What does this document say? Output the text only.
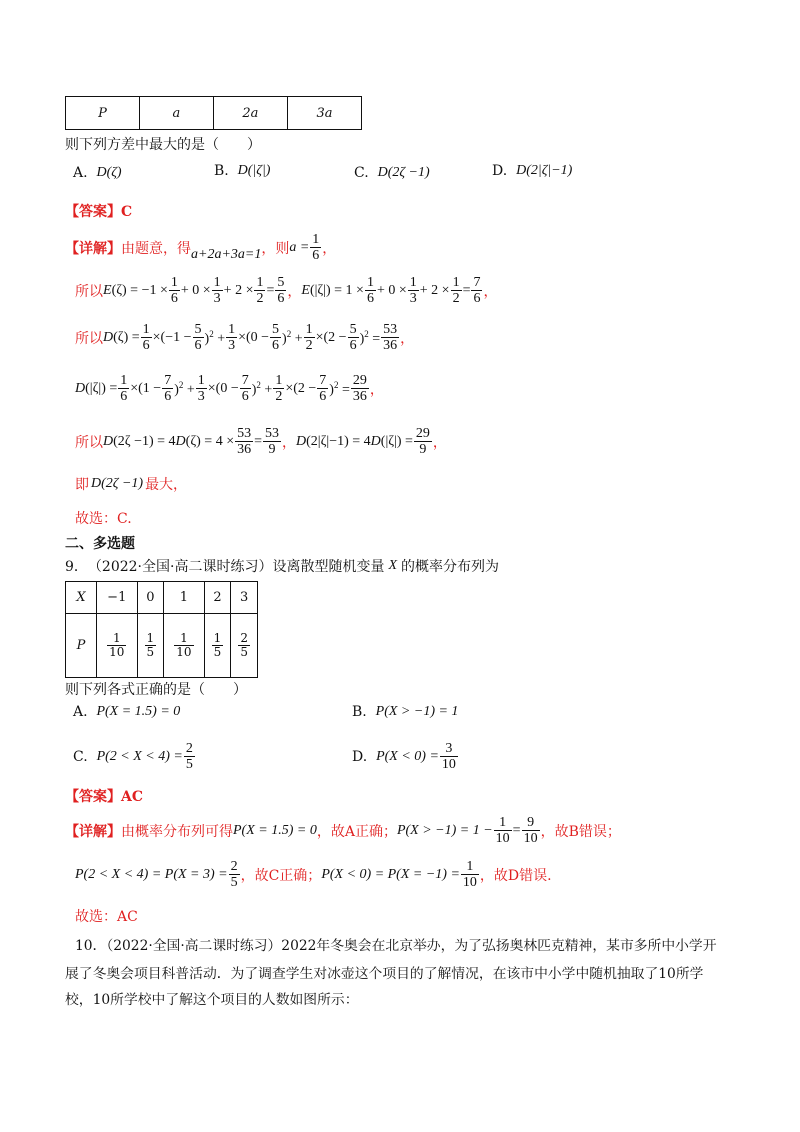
P	a	2a	3a
则下列方差中最大的是（　　）
A.
D(ζ)	B.
D(|ζ|)	C.
D(2ζ −1)	D.
D(2|ζ|−1)
【答案】C
【详解】 由题意，得 a+2a+3a=1 ，则 $a = \frac{1}{6}$ ，
所以 $E(\zeta) = -1 \times \frac{1}{6} + 0 \times \frac{1}{3} + 2 \times \frac{1}{2} = \frac{5}{6}$ ， $E(|\zeta|) = 1 \times \frac{1}{6} + 0 \times \frac{1}{3} + 2 \times \frac{1}{2} = \frac{7}{6}$ ，
所以 $D(\zeta) = \frac{1}{6} \times(-1 - \frac{5}{6} )^2 + \frac{1}{3} \times(0 - \frac{5}{6} )^2 + \frac{1}{2} \times(2 - \frac{5}{6} )^2 = \frac{53}{36}$ ，
$D(|\zeta|) = \frac{1}{6} \times(1 - \frac{7}{6} )^2 + \frac{1}{3} \times(0 - \frac{7}{6} )^2 + \frac{1}{2} \times(2 - \frac{7}{6} )^2 = \frac{29}{36}$ ，
所以 $D(2\zeta -1) = 4D(\zeta) = 4 \times \frac{53}{36} = \frac{53}{9}$ ， $D(2|\zeta|-1) = 4D(|\zeta|) = \frac{29}{9}$ ，
即 D(2ζ −1) 最大，
故选：C.
二、多选题
9． （2022·全国·高二课时练习）设离散型随机变量 X 的概率分布列为
X	−1	0	1	2	3
P	$\frac{1}{10}$	$\frac{1}{5}$	$\frac{1}{10}$	$\frac{1}{5}$	$\frac{2}{5}$
则下列各式正确的是（　　）
A.
P(X = 1.5) = 0	B.
P(X > −1) = 1
C.
$P(2 < X < 4) = \frac{2}{5}$	D.
$P(X < 0) = \frac{3}{10}$
【答案】AC
【详解】 由概率分布列可得 P(X = 1.5) = 0 ，故A正确； $P(X > -1) = 1 - \frac{1}{10} = \frac{9}{10}$ ，故B错误；
$P(2 < X < 4) = P(X = 3) = \frac{2}{5}$ ，故C正确； $P(X < 0) = P(X = -1) = \frac{1}{10}$ ，故D错误.
故选：AC
10．（2022·全国·高二课时练习）2022年冬奥会在北京举办，为了弘扬奥林匹克精神，某市多所中小学开
展了冬奥会项目科普活动．为了调查学生对冰壶这个项目的了解情况，在该市中小学中随机抽取了10所学
校，10所学校中了解这个项目的人数如图所示：
